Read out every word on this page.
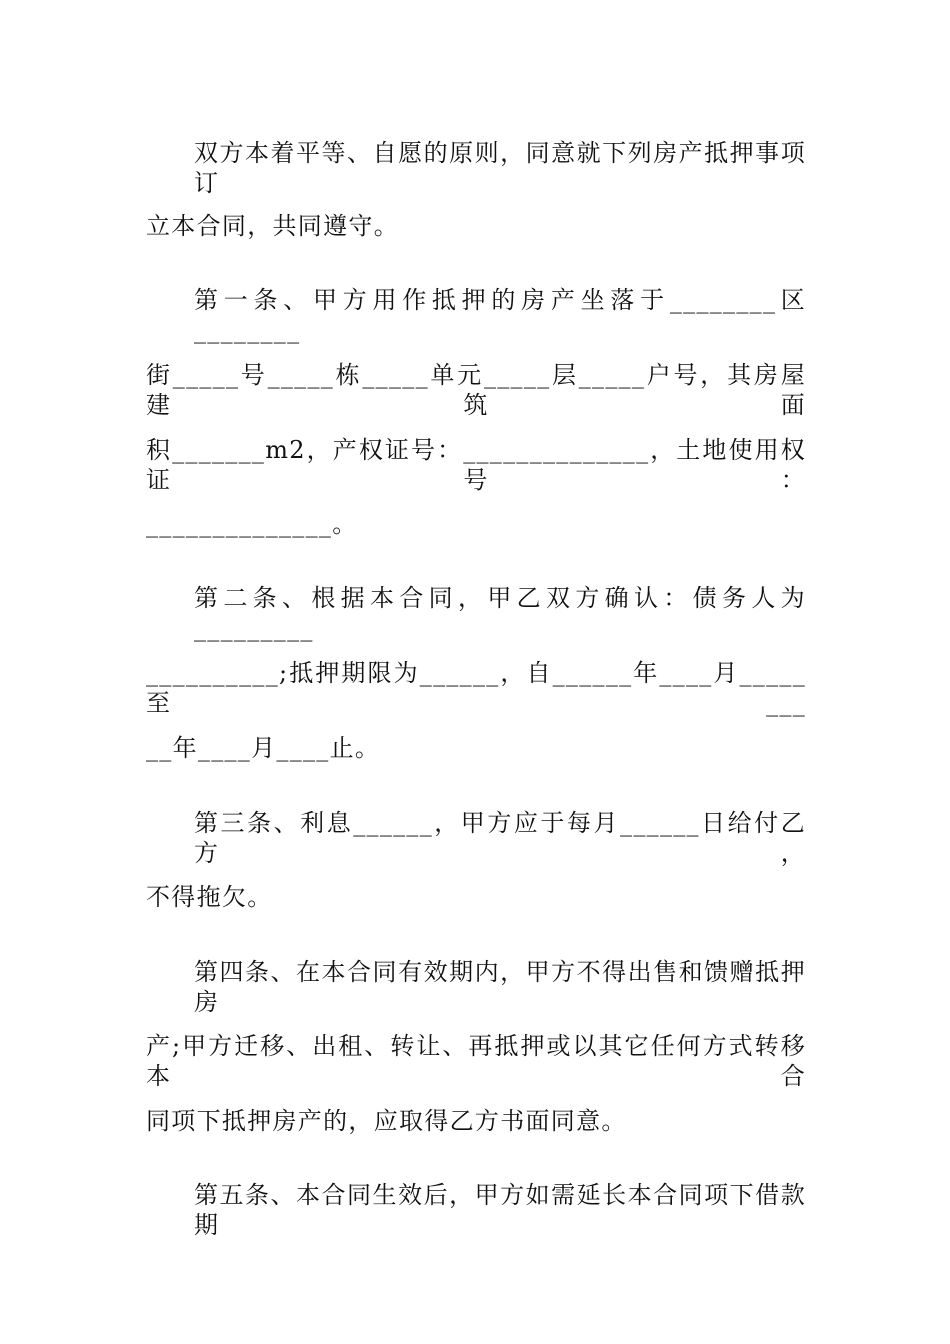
双方本着平等、自愿的原则，同意就下列房产抵押事项订
立本合同，共同遵守。
第一条、甲方用作抵押的房产坐落于________区________
街_____号_____栋_____单元_____层_____户号，其房屋建筑面
积_______m2，产权证号：______________，土地使用权证号：
______________。
第二条、根据本合同，甲乙双方确认：债务人为_________
__________;抵押期限为______，自______年____月_____至___
__年____月____止。
第三条、利息______，甲方应于每月______日给付乙方，
不得拖欠。
第四条、在本合同有效期内，甲方不得出售和馈赠抵押房
产;甲方迁移、出租、转让、再抵押或以其它任何方式转移本合
同项下抵押房产的，应取得乙方书面同意。
第五条、本合同生效后，甲方如需延长本合同项下借款期
